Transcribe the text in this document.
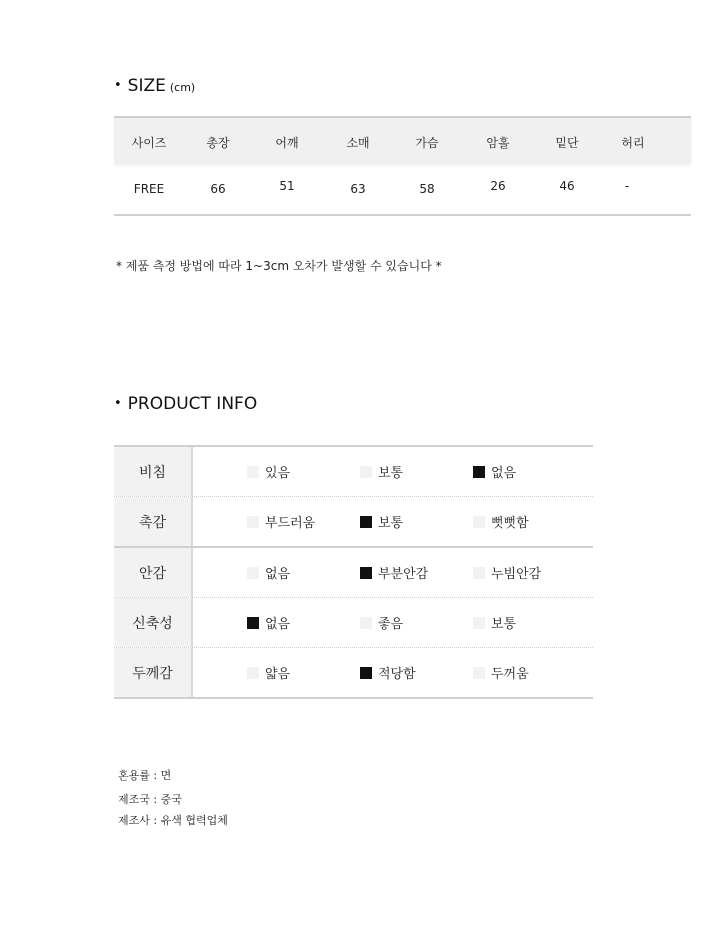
• SIZE (cm)
사이즈	총장	어깨	소매	가슴	암홀	밑단	허리
FREE	66	51	63	58	26	46	-
* 제품 측정 방법에 따라 1~3cm 오차가 발생할 수 있습니다 *
• PRODUCT INFO
비침	있음	보통	없음
촉감	부드러움	보통	뻣뻣함
안감	없음	부분안감	누빔안감
신축성	없음	좋음	보통
두께감	얇음	적당함	두꺼움
혼용률 : 면
제조국 : 중국
제조사 : 유색 협력업체
